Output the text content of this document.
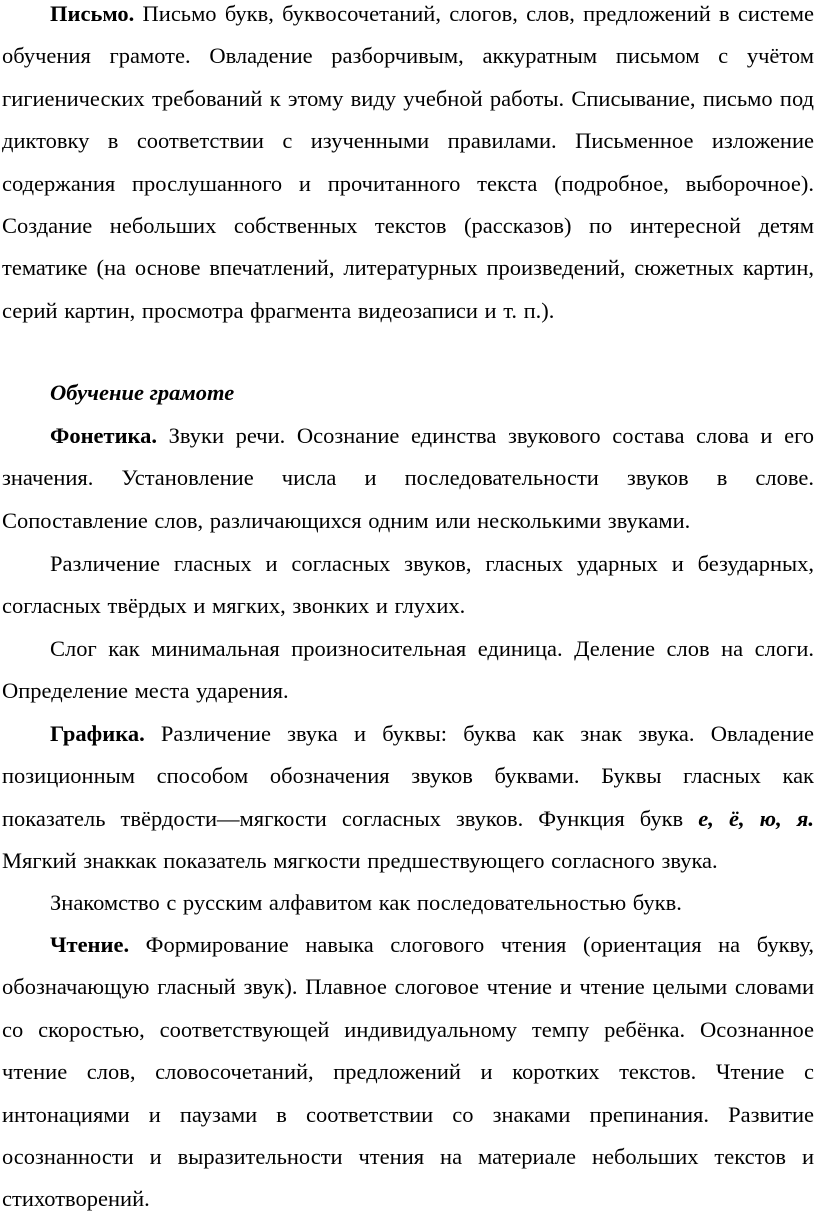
Письмо. Письмо букв, буквосочетаний, слогов, слов, предложений в системе обучения грамоте. Овладение разборчивым, аккуратным письмом с учётом гигиенических требований к этому виду учебной работы. Списывание, письмо под диктовку в соответствии с изученными правилами. Письменное изложение содержания прослушанного и прочитанного текста (подробное, выборочное). Создание небольших собственных текстов (рассказов) по интересной детям тематике (на основе впечатлений, литературных произведений, сюжетных картин, серий картин, просмотра фрагмента видеозаписи и т. п.).

Обучение грамоте

Фонетика. Звуки речи. Осознание единства звукового состава слова и его значения. Установление числа и последовательности звуков в слове. Сопоставление слов, различающихся одним или несколькими звуками.

Различение гласных и согласных звуков, гласных ударных и безударных, согласных твёрдых и мягких, звонких и глухих.

Слог как минимальная произносительная единица. Деление слов на слоги. Определение места ударения.

Графика. Различение звука и буквы: буква как знак звука. Овладение позиционным способом обозначения звуков буквами. Буквы гласных как показатель твёрдости—мягкости согласных звуков. Функция букв е, ё, ю, я. Мягкий знаккак показатель мягкости предшествующего согласного звука.

Знакомство с русским алфавитом как последовательностью букв.

Чтение. Формирование навыка слогового чтения (ориентация на букву, обозначающую гласный звук). Плавное слоговое чтение и чтение целыми словами со скоростью, соответствующей индивидуальному темпу ребёнка. Осознанное чтение слов, словосочетаний, предложений и коротких текстов. Чтение с интонациями и паузами в соответствии со знаками препинания. Развитие осознанности и выразительности чтения на материале небольших текстов и стихотворений.
